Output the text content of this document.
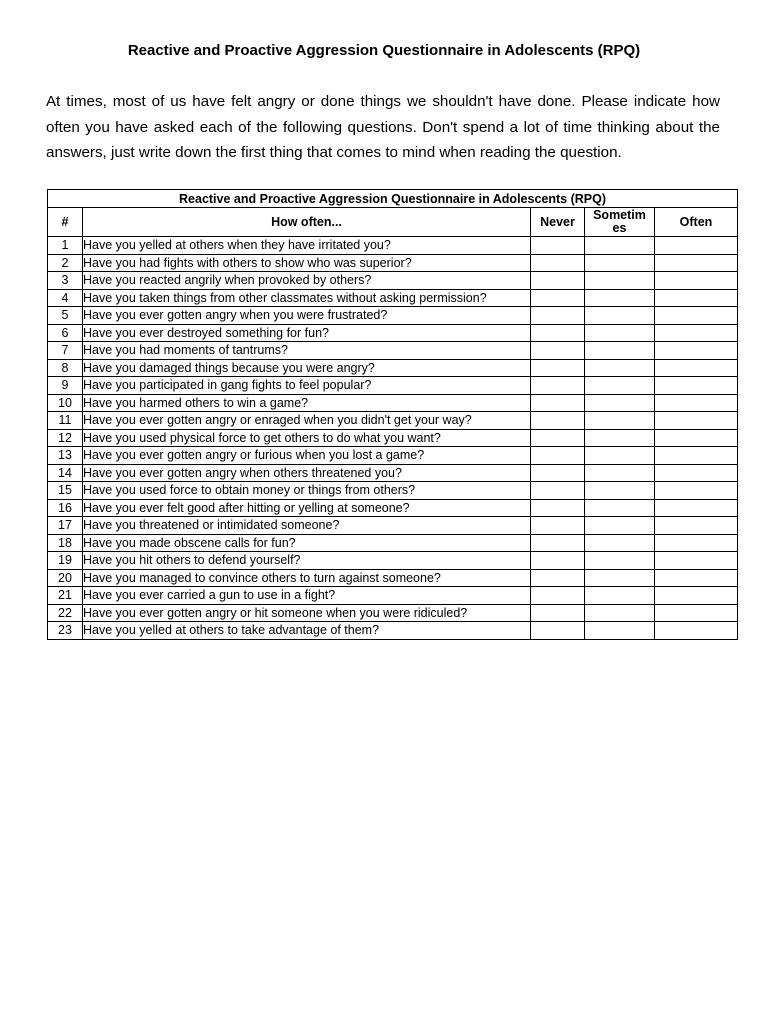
Reactive and Proactive Aggression Questionnaire in Adolescents (RPQ)

At times, most of us have felt angry or done things we shouldn't have done. Please indicate how often you have asked each of the following questions. Don't spend a lot of time thinking about the answers, just write down the first thing that comes to mind when reading the question.

Reactive and Proactive Aggression Questionnaire in Adolescents (RPQ)				
#	How often...	Never	Sometimes	Often
1	Have you yelled at others when they have irritated you?			
2	Have you had fights with others to show who was superior?			
3	Have you reacted angrily when provoked by others?			
4	Have you taken things from other classmates without asking permission?			
5	Have you ever gotten angry when you were frustrated?			
6	Have you ever destroyed something for fun?			
7	Have you had moments of tantrums?			
8	Have you damaged things because you were angry?			
9	Have you participated in gang fights to feel popular?			
10	Have you harmed others to win a game?			
11	Have you ever gotten angry or enraged when you didn't get your way?			
12	Have you used physical force to get others to do what you want?			
13	Have you ever gotten angry or furious when you lost a game?			
14	Have you ever gotten angry when others threatened you?			
15	Have you used force to obtain money or things from others?			
16	Have you ever felt good after hitting or yelling at someone?			
17	Have you threatened or intimidated someone?			
18	Have you made obscene calls for fun?			
19	Have you hit others to defend yourself?			
20	Have you managed to convince others to turn against someone?			
21	Have you ever carried a gun to use in a fight?			
22	Have you ever gotten angry or hit someone when you were ridiculed?			
23	Have you yelled at others to take advantage of them?			
